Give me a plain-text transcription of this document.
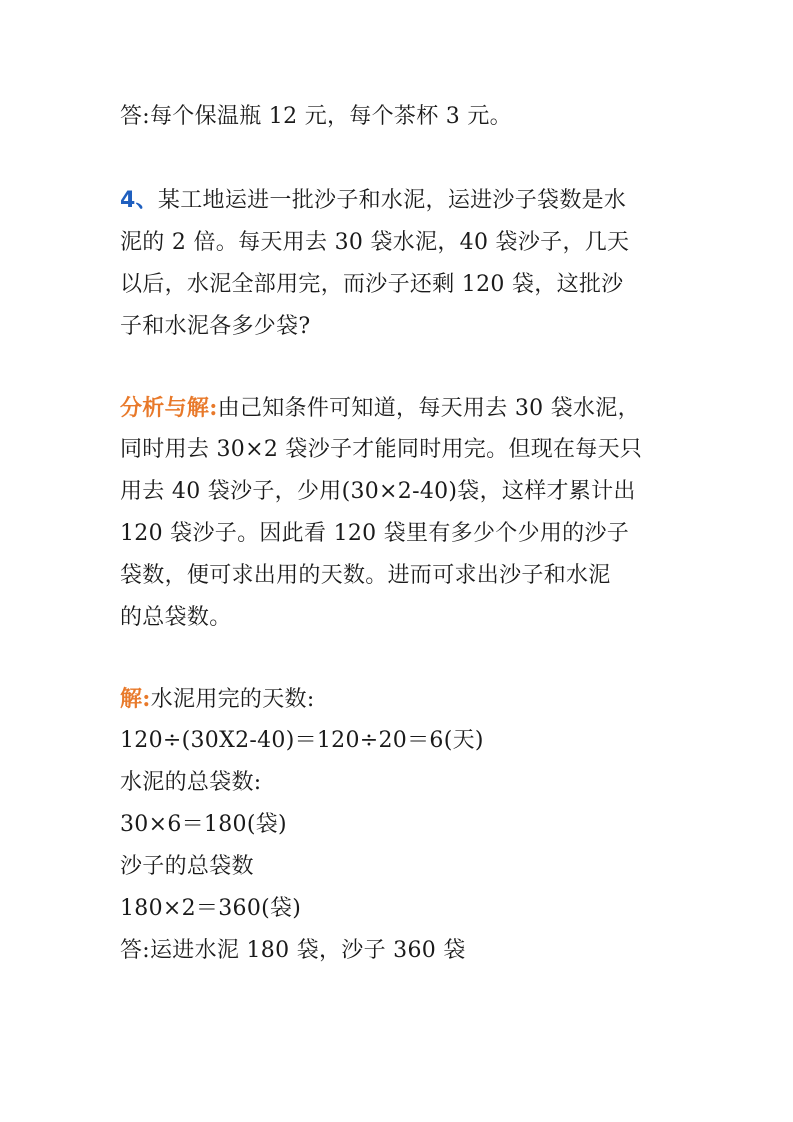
答:每个保温瓶 12 元，每个茶杯 3 元。
4、某工地运进一批沙子和水泥，运进沙子袋数是水
泥的 2 倍。每天用去 30 袋水泥，40 袋沙子，几天
以后，水泥全部用完，而沙子还剩 120 袋，这批沙
子和水泥各多少袋?
分析与解:由己知条件可知道，每天用去 30 袋水泥，
同时用去 30×2 袋沙子才能同时用完。但现在每天只
用去 40 袋沙子，少用(30×2-40)袋，这样才累计出
120 袋沙子。因此看 120 袋里有多少个少用的沙子
袋数，便可求出用的天数。进而可求出沙子和水泥
的总袋数。
解:水泥用完的天数:
120÷(30X2-40)＝120÷20＝6(天)
水泥的总袋数:
30×6＝180(袋)
沙子的总袋数
180×2＝360(袋)
答:运进水泥 180 袋，沙子 360 袋
